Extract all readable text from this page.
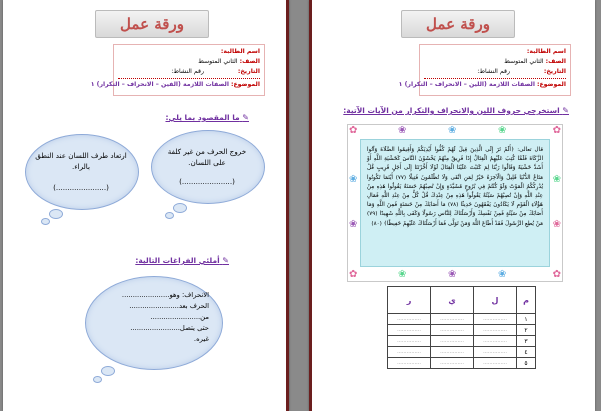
ورقة عمل
اسم الطالبة:
الصف: الثاني المتوسط
التاريخ:  رقم النشاط:
الموضوع: الصفات اللازمة (الفين – الانحراف – التكرار) ١
✎ ما المقصود بما يلي:
خروج الحرف من غير كلفة على اللسان.
(......................)
ارتعاد طرف اللسان عند النطق بالراء.
(......................)
✎ أملئي الفراغات التالية:
الانحراف: وهو......................
الحرف بعد.......................
من.......................
حتى يتصل.......................
غيره.
ورقة عمل
اسم الطالبة:
الصف: الثاني المتوسط
التاريخ:  رقم النشاط:
الموضوع: الصفات اللازمة (اللين – الانحراف – التكرار) ١
✎ استخرجي حروف اللين والانحراف والتكرار من الآيات الآتية:
✿	✿
✿	✿
❀	❀	❀
❀	❀	❀
❀
❀
❀
❀
قال تعالى: ﴿أَلَمْ تَرَ إِلَى الَّذِينَ قِيلَ لَهُمْ كُفُّوا أَيْدِيَكُمْ وَأَقِيمُوا الصَّلَاةَ وَآتُوا الزَّكَاةَ فَلَمَّا كُتِبَ عَلَيْهِمُ الْقِتَالُ إِذَا فَرِيقٌ مِنْهُمْ يَخْشَوْنَ النَّاسَ كَخَشْيَةِ اللَّهِ أَوْ أَشَدَّ خَشْيَةً وَقَالُوا رَبَّنَا لِمَ كَتَبْتَ عَلَيْنَا الْقِتَالَ لَوْلَا أَخَّرْتَنَا إِلَى أَجَلٍ قَرِيبٍ قُلْ مَتَاعُ الدُّنْيَا قَلِيلٌ وَالْآخِرَةُ خَيْرٌ لِمَنِ اتَّقَى وَلَا تُظْلَمُونَ فَتِيلًا (٧٧) أَيْنَمَا تَكُونُوا يُدْرِكْكُمُ الْمَوْتُ وَلَوْ كُنْتُمْ فِي بُرُوجٍ مُشَيَّدَةٍ وَإِنْ تُصِبْهُمْ حَسَنَةٌ يَقُولُوا هَذِهِ مِنْ عِنْدِ اللَّهِ وَإِنْ تُصِبْهُمْ سَيِّئَةٌ يَقُولُوا هَذِهِ مِنْ عِنْدِكَ قُلْ كُلٌّ مِنْ عِنْدِ اللَّهِ فَمَالِ هَؤُلَاءِ الْقَوْمِ لَا يَكَادُونَ يَفْقَهُونَ حَدِيثًا (٧٨) مَا أَصَابَكَ مِنْ حَسَنَةٍ فَمِنَ اللَّهِ وَمَا أَصَابَكَ مِنْ سَيِّئَةٍ فَمِنْ نَفْسِكَ وَأَرْسَلْنَاكَ لِلنَّاسِ رَسُولًا وَكَفَى بِاللَّهِ شَهِيدًا (٧٩) مَنْ يُطِعِ الرَّسُولَ فَقَدْ أَطَاعَ اللَّهَ وَمَنْ تَوَلَّى فَمَا أَرْسَلْنَاكَ عَلَيْهِمْ حَفِيظًا﴾ (٨٠)
م	ل	ي	ر
١	...............	...............	...............
٢	...............	...............	...............
٣	...............	...............	...............
٤	...............	...............	...............
٥	...............	...............	...............
